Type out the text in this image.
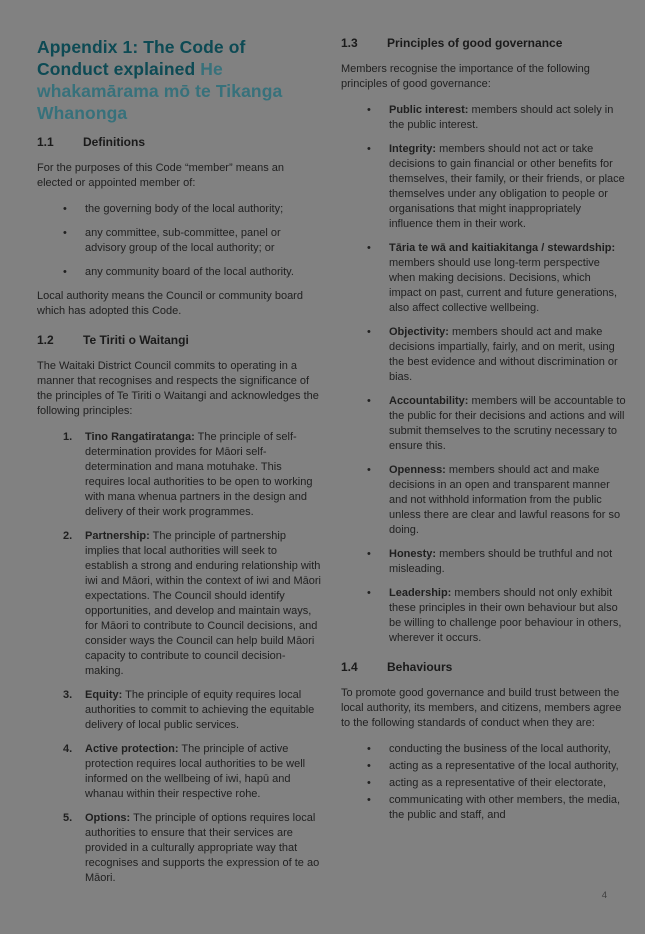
Appendix 1: The Code of Conduct explained He whakamārama mō te Tikanga Whanonga
1.1	Definitions

For the purposes of this Code “member” means an elected or appointed member of:

•	the governing body of the local authority;
•	any committee, sub-committee, panel or advisory group of the local authority; or
•	any community board of the local authority.

Local authority means the Council or community board which has adopted this Code.

1.2	Te Tiriti o Waitangi

The Waitaki District Council commits to operating in a manner that recognises and respects the significance of the principles of Te Tiriti o Waitangi and acknowledges the following principles:

1.	Tino Rangatiratanga: The principle of self-determination provides for Māori self-determination and mana motuhake. This requires local authorities to be open to working with mana whenua partners in the design and delivery of their work programmes.
2.	Partnership: The principle of partnership implies that local authorities will seek to establish a strong and enduring relationship with iwi and Māori, within the context of iwi and Māori expectations. The Council should identify opportunities, and develop and maintain ways, for Māori to contribute to Council decisions, and consider ways the Council can help build Māori capacity to contribute to council decision-making.
3.	Equity: The principle of equity requires local authorities to commit to achieving the equitable delivery of local public services.
4.	Active protection: The principle of active protection requires local authorities to be well informed on the wellbeing of iwi, hapū and whanau within their respective rohe.
5.	Options: The principle of options requires local authorities to ensure that their services are provided in a culturally appropriate way that recognises and supports the expression of te ao Māori.
1.3	Principles of good governance

Members recognise the importance of the following principles of good governance:

•	Public interest: members should act solely in the public interest.
•	Integrity: members should not act or take decisions to gain financial or other benefits for themselves, their family, or their friends, or place themselves under any obligation to people or organisations that might inappropriately influence them in their work.
•	Tāria te wā and kaitiakitanga / stewardship: members should use long-term perspective when making decisions. Decisions, which impact on past, current and future generations, also affect collective wellbeing.
•	Objectivity: members should act and make decisions impartially, fairly, and on merit, using the best evidence and without discrimination or bias.
•	Accountability: members will be accountable to the public for their decisions and actions and will submit themselves to the scrutiny necessary to ensure this.
•	Openness: members should act and make decisions in an open and transparent manner and not withhold information from the public unless there are clear and lawful reasons for so doing.
•	Honesty: members should be truthful and not misleading.
•	Leadership: members should not only exhibit these principles in their own behaviour but also be willing to challenge poor behaviour in others, wherever it occurs.
1.4	Behaviours

To promote good governance and build trust between the local authority, its members, and citizens, members agree to the following standards of conduct when they are:

•	conducting the business of the local authority,
•	acting as a representative of the local authority,
•	acting as a representative of their electorate,
•	communicating with other members, the media, the public and staff, and
4
